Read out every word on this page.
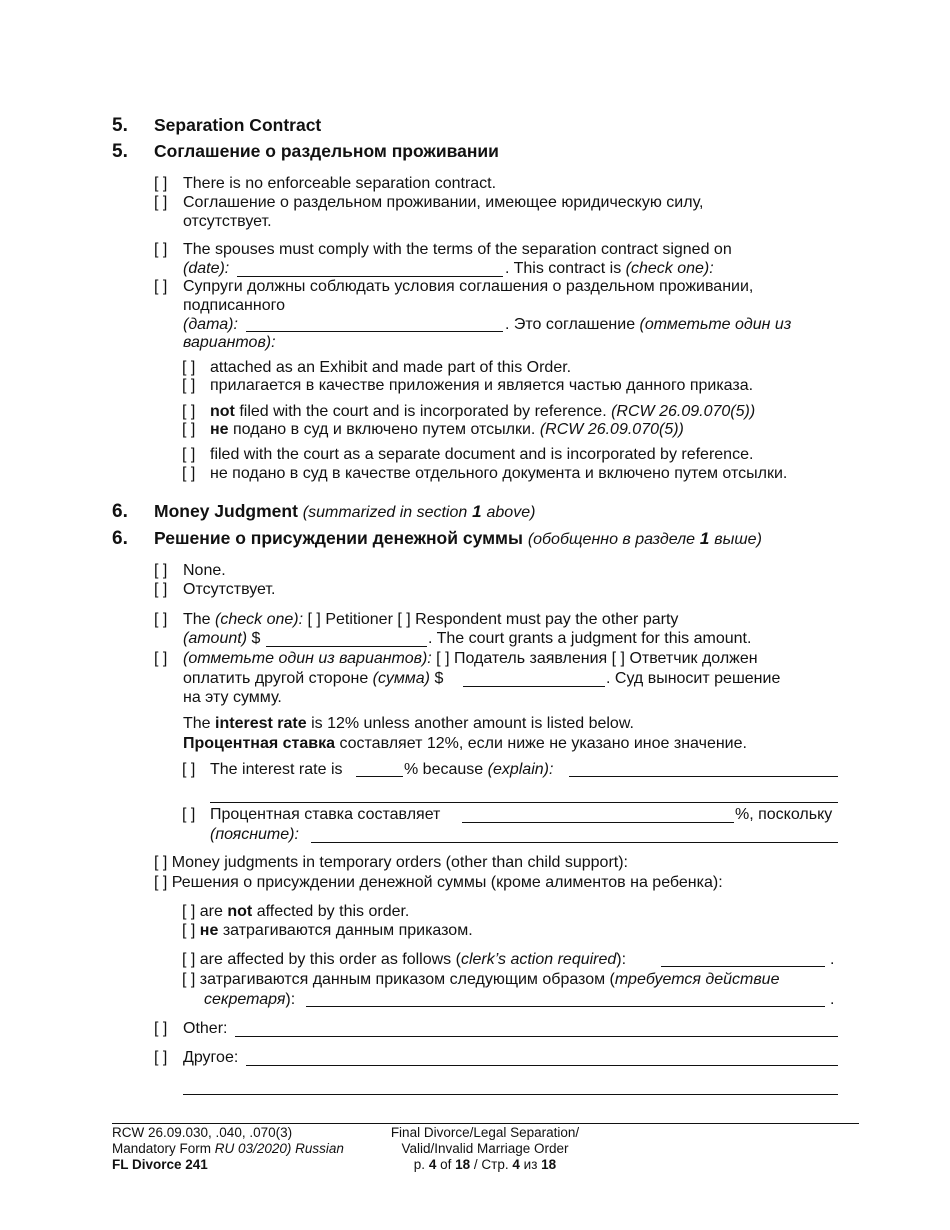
5. Separation Contract
5. Соглашение о раздельном проживании
[ ] There is no enforceable separation contract.
[ ] Соглашение о раздельном проживании, имеющее юридическую силу,
отсутствует.
[ ] The spouses must comply with the terms of the separation contract signed on
(date):	. This contract is (check one):
[ ] Супруги должны соблюдать условия соглашения о раздельном проживании,
подписанного
(дата):	. Это соглашение (отметьте один из
вариантов):
[ ] attached as an Exhibit and made part of this Order.
[ ] прилагается в качестве приложения и является частью данного приказа.
[ ] not filed with the court and is incorporated by reference. (RCW 26.09.070(5))
[ ] не подано в суд и включено путем отсылки. (RCW 26.09.070(5))
[ ] filed with the court as a separate document and is incorporated by reference.
[ ] не подано в суд в качестве отдельного документа и включено путем отсылки.
6. Money Judgment (summarized in section 1 above)
6. Решение о присуждении денежной суммы (обобщенно в разделе 1 выше)
[ ] None.
[ ] Отсутствует.
[ ] The (check one): [ ] Petitioner [ ] Respondent must pay the other party
(amount) $	. The court grants a judgment for this amount.
[ ] (отметьте один из вариантов): [ ] Податель заявления [ ] Ответчик должен
оплатить другой стороне (сумма) $	. Суд выносит решение
на эту сумму.
The interest rate is 12% unless another amount is listed below.
Процентная ставка составляет 12%, если ниже не указано иное значение.
[ ] The interest rate is	% because (explain):
[ ] Процентная ставка составляет	%, поскольку
(поясните):
[ ] Money judgments in temporary orders (other than child support):
[ ] Решения о присуждении денежной суммы (кроме алиментов на ребенка):
[ ] are not affected by this order.
[ ] не затрагиваются данным приказом.
[ ] are affected by this order as follows (clerk’s action required):	.
[ ] затрагиваются данным приказом следующим образом (требуется действие
секретаря):	.
[ ] Other:
[ ] Другое:
RCW 26.09.030, .040, .070(3)
Mandatory Form RU 03/2020) Russian
FL Divorce 241
Final Divorce/Legal Separation/
Valid/Invalid Marriage Order
p. 4 of 18 / Стр. 4 из 18
